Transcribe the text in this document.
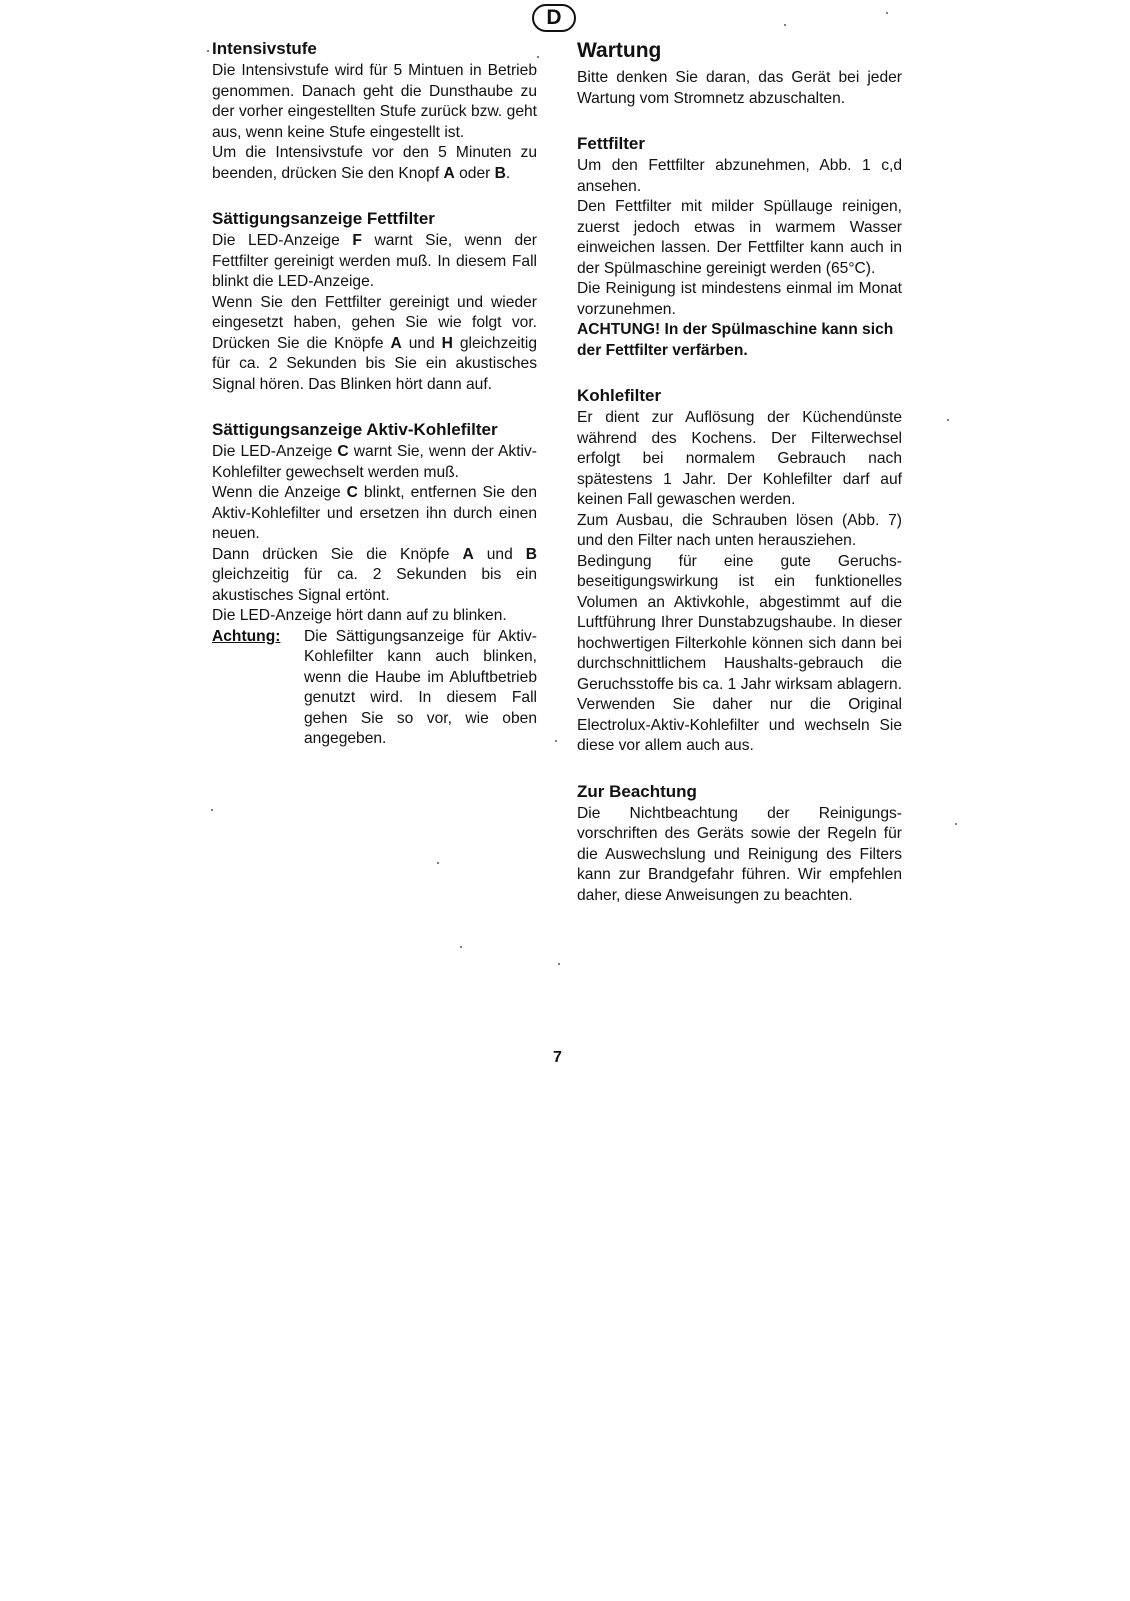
D
Intensivstufe

Die Intensivstufe wird für 5 Mintuen in Betrieb genommen. Danach geht die Dunsthaube zu der vorher eingestellten Stufe zurück bzw. geht aus, wenn keine Stufe eingestellt ist.

Um die Intensivstufe vor den 5 Minuten zu beenden, drücken Sie den Knopf A oder B.

Sättigungsanzeige Fettfilter

Die LED-Anzeige F warnt Sie, wenn der Fettfilter gereinigt werden muß. In diesem Fall blinkt die LED-Anzeige.

Wenn Sie den Fettfilter gereinigt und wieder eingesetzt haben, gehen Sie wie folgt vor. Drücken Sie die Knöpfe A und H gleichzeitig für ca. 2 Sekunden bis Sie ein akustisches Signal hören. Das Blinken hört dann auf.

Sättigungsanzeige Aktiv-Kohlefilter

Die LED-Anzeige C warnt Sie, wenn der Aktiv-Kohlefilter gewechselt werden muß.

Wenn die Anzeige C blinkt, entfernen Sie den Aktiv-Kohlefilter und ersetzen ihn durch einen neuen.

Dann drücken Sie die Knöpfe A und B gleichzeitig für ca. 2 Sekunden bis ein akustisches Signal ertönt.

Die LED-Anzeige hört dann auf zu blinken.

Achtung:	Die Sättigungsanzeige für Aktiv-Kohlefilter kann auch blinken, wenn die Haube im Abluftbetrieb genutzt wird. In diesem Fall gehen Sie so vor, wie oben angegeben.
Wartung

Bitte denken Sie daran, das Gerät bei jeder Wartung vom Stromnetz abzuschalten.

Fettfilter

Um den Fettfilter abzunehmen, Abb. 1 c,d ansehen.

Den Fettfilter mit milder Spüllauge reinigen, zuerst jedoch etwas in warmem Wasser einweichen lassen. Der Fettfilter kann auch in der Spülmaschine gereinigt werden (65°C).

Die Reinigung ist mindestens einmal im Monat vorzunehmen.

ACHTUNG! In der Spülmaschine kann sich der Fettfilter verfärben.

Kohlefilter

Er dient zur Auflösung der Küchendünste während des Kochens. Der Filterwechsel erfolgt bei normalem Gebrauch nach spätestens 1 Jahr. Der Kohlefilter darf auf keinen Fall gewaschen werden.

Zum Ausbau, die Schrauben lösen (Abb. 7) und den Filter nach unten herausziehen.

Bedingung für eine gute Geruchs-beseitigungswirkung ist ein funktionelles Volumen an Aktivkohle, abgestimmt auf die Luftführung Ihrer Dunstabzugshaube. In dieser hochwertigen Filterkohle können sich dann bei durchschnittlichem Haushalts-gebrauch die Geruchsstoffe bis ca. 1 Jahr wirksam ablagern. Verwenden Sie daher nur die Original Electrolux-Aktiv-Kohlefilter und wechseln Sie diese vor allem auch aus.

Zur Beachtung

Die Nichtbeachtung der Reinigungs-vorschriften des Geräts sowie der Regeln für die Auswechslung und Reinigung des Filters kann zur Brandgefahr führen. Wir empfehlen daher, diese Anweisungen zu beachten.

7
